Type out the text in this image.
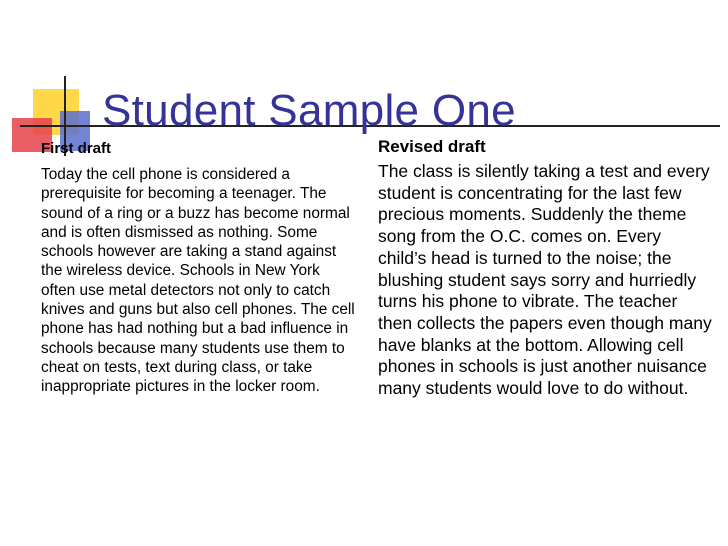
Student Sample One
First draft

Today the cell phone is considered a prerequisite for becoming a teenager. The sound of a ring or a buzz has become normal and is often dismissed as nothing. Some schools however are taking a stand against the wireless device. Schools in New York often use metal detectors not only to catch knives and guns but also cell phones. The cell phone has had nothing but a bad influence in schools because many students use them to cheat on tests, text during class, or take inappropriate pictures in the locker room.

Revised draft

The class is silently taking a test and every student is concentrating for the last few precious moments. Suddenly the theme song from the O.C. comes on. Every child’s head is turned to the noise; the blushing student says sorry and hurriedly turns his phone to vibrate. The teacher then collects the papers even though many have blanks at the bottom. Allowing cell phones in schools is just another nuisance many students would love to do without.
